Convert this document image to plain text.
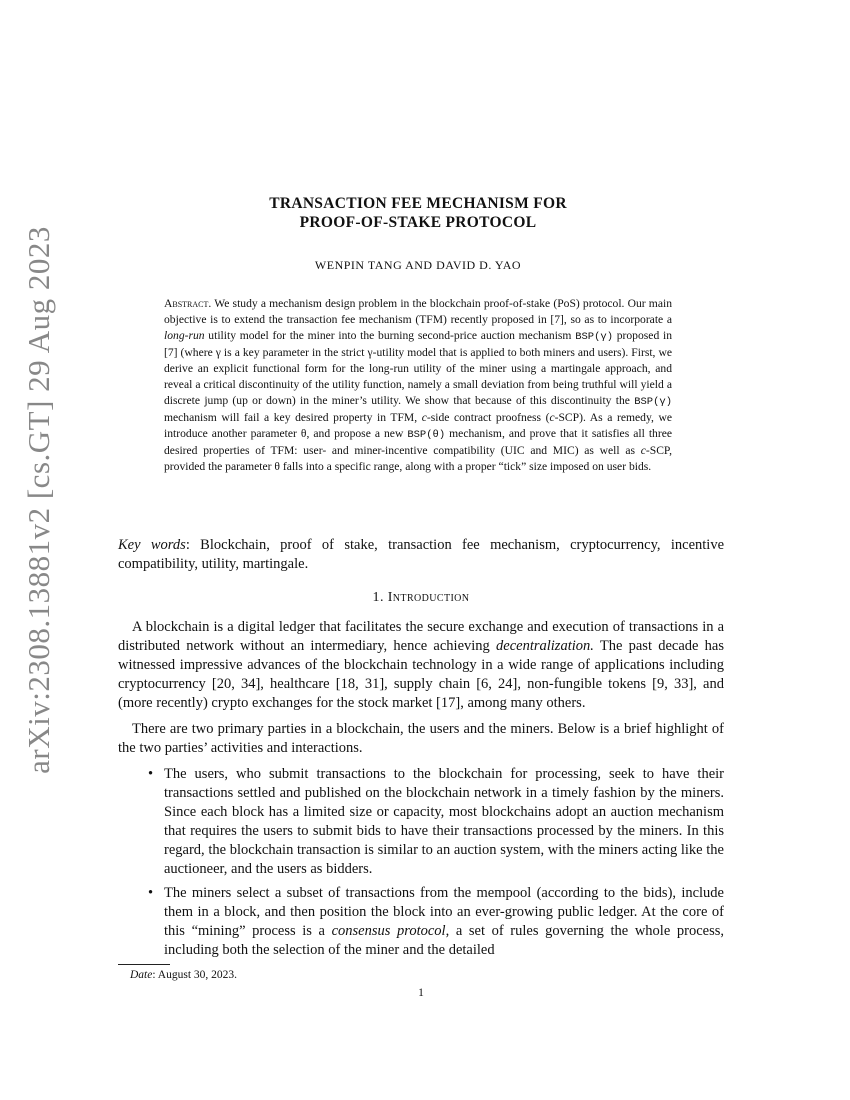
arXiv:2308.13881v2 [cs.GT] 29 Aug 2023
TRANSACTION FEE MECHANISM FOR
PROOF-OF-STAKE PROTOCOL
WENPIN TANG AND DAVID D. YAO
Abstract. We study a mechanism design problem in the blockchain proof-of-stake (PoS) protocol. Our main objective is to extend the transaction fee mechanism (TFM) recently proposed in [7], so as to incorporate a long-run utility model for the miner into the burning second-price auction mechanism BSP(γ) proposed in [7] (where γ is a key parameter in the strict γ-utility model that is applied to both miners and users). First, we derive an explicit functional form for the long-run utility of the miner using a martingale approach, and reveal a critical discontinuity of the utility function, namely a small deviation from being truthful will yield a discrete jump (up or down) in the miner’s utility. We show that because of this discontinuity the BSP(γ) mechanism will fail a key desired property in TFM, c-side contract proofness (c-SCP). As a remedy, we introduce another parameter θ, and propose a new BSP(θ) mechanism, and prove that it satisfies all three desired properties of TFM: user- and miner-incentive compatibility (UIC and MIC) as well as c-SCP, provided the parameter θ falls into a specific range, along with a proper “tick” size imposed on user bids.
Key words: Blockchain, proof of stake, transaction fee mechanism, cryptocurrency, incentive compatibility, utility, martingale.
1. Introduction

A blockchain is a digital ledger that facilitates the secure exchange and execution of transactions in a distributed network without an intermediary, hence achieving decentralization. The past decade has witnessed impressive advances of the blockchain technology in a wide range of applications including cryptocurrency [20, 34], healthcare [18, 31], supply chain [6, 24], non-fungible tokens [9, 33], and (more recently) crypto exchanges for the stock market [17], among many others.

There are two primary parties in a blockchain, the users and the miners. Below is a brief highlight of the two parties’ activities and interactions.

• The users, who submit transactions to the blockchain for processing, seek to have their transactions settled and published on the blockchain network in a timely fashion by the miners. Since each block has a limited size or capacity, most blockchains adopt an auction mechanism that requires the users to submit bids to have their transactions processed by the miners. In this regard, the blockchain transaction is similar to an auction system, with the miners acting like the auctioneer, and the users as bidders.
• The miners select a subset of transactions from the mempool (according to the bids), include them in a block, and then position the block into an ever-growing public ledger. At the core of this “mining” process is a consensus protocol, a set of rules governing the whole process, including both the selection of the miner and the detailed
Date: August 30, 2023.
1
